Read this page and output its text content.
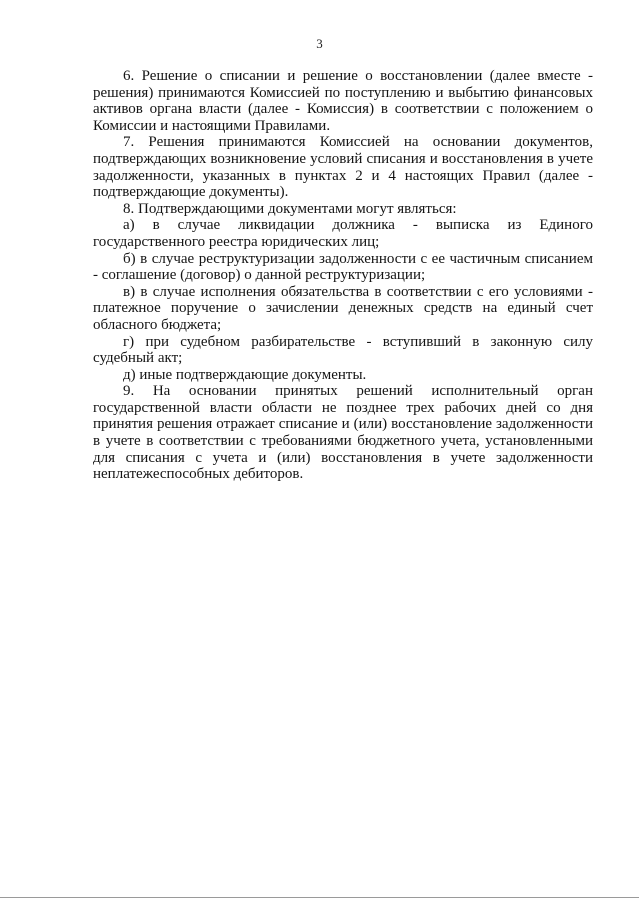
3

6. Решение о списании и решение о восстановлении (далее вместе -
решения) принимаются Комиссией по поступлению и выбытию финансовых
активов органа власти (далее - Комиссия) в соответствии с положением о
Комиссии и настоящими Правилами.

7. Решения принимаются Комиссией на основании документов,
подтверждающих возникновение условий списания и восстановления в учете
задолженности, указанных в пунктах 2 и 4 настоящих Правил (далее -
подтверждающие документы).

8. Подтверждающими документами могут являться:

а) в случае ликвидации должника - выписка из Единого
государственного реестра юридических лиц;

б) в случае реструктуризации задолженности с ее частичным списанием
- соглашение (договор) о данной реструктуризации;

в) в случае исполнения обязательства в соответствии с его условиями -
платежное поручение о зачислении денежных средств на единый счет
обласного бюджета;

г) при судебном разбирательстве - вступивший в законную силу
судебный акт;

д) иные подтверждающие документы.

9. На основании принятых решений исполнительный орган
государственной власти области не позднее трех рабочих дней со дня
принятия решения отражает списание и (или) восстановление задолженности
в учете в соответствии с требованиями бюджетного учета, установленными
для списания с учета и (или) восстановления в учете задолженности
неплатежеспособных дебиторов.
